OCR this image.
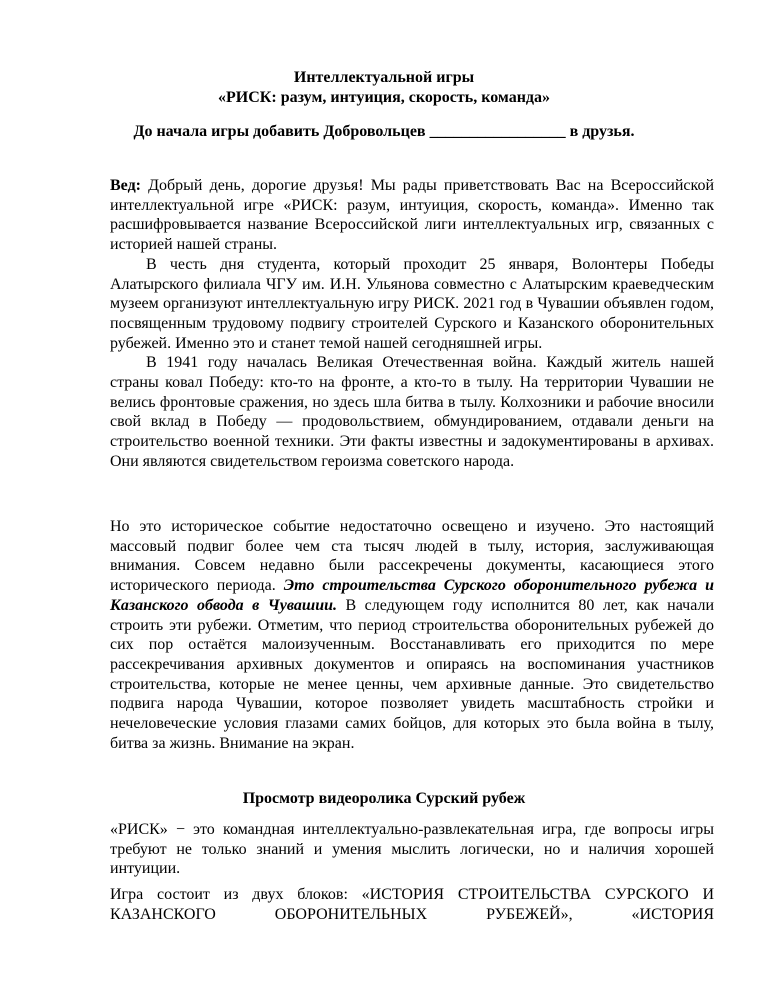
Интеллектуальной игры
«РИСК: разум, интуиция, скорость, команда»
До начала игры добавить Добровольцев _________________ в друзья.

Вед: Добрый день, дорогие друзья! Мы рады приветствовать Вас на Всероссийской интеллектуальной игре «РИСК: разум, интуиция, скорость, команда». Именно так расшифровывается название Всероссийской лиги интеллектуальных игр, связанных с историей нашей страны.

В честь дня студента, который проходит 25 января, Волонтеры Победы Алатырского филиала ЧГУ им. И.Н. Ульянова совместно с Алатырским краеведческим музеем организуют интеллектуальную игру РИСК. 2021 год в Чувашии объявлен годом, посвященным трудовому подвигу строителей Сурского и Казанского оборонительных рубежей. Именно это и станет темой нашей сегодняшней игры.

В 1941 году началась Великая Отечественная война. Каждый житель нашей страны ковал Победу: кто-то на фронте, а кто-то в тылу. На территории Чувашии не велись фронтовые сражения, но здесь шла битва в тылу. Колхозники и рабочие вносили свой вклад в Победу — продовольствием, обмундированием, отдавали деньги на строительство военной техники. Эти факты известны и задокументированы в архивах. Они являются свидетельством героизма советского народа.

Но это историческое событие недостаточно освещено и изучено. Это настоящий массовый подвиг более чем ста тысяч людей в тылу, история, заслуживающая внимания. Совсем недавно были рассекречены документы, касающиеся этого исторического периода. Это строительства Сурского оборонительного рубежа и Казанского обвода в Чувашии. В следующем году исполнится 80 лет, как начали строить эти рубежи. Отметим, что период строительства оборонительных рубежей до сих пор остаётся малоизученным. Восстанавливать его приходится по мере рассекречивания архивных документов и опираясь на воспоминания участников строительства, которые не менее ценны, чем архивные данные. Это свидетельство подвига народа Чувашии, которое позволяет увидеть масштабность стройки и нечеловеческие условия глазами самих бойцов, для которых это была война в тылу, битва за жизнь. Внимание на экран.

Просмотр видеоролика Сурский рубеж

«РИСК» − это командная интеллектуально-развлекательная игра, где вопросы игры требуют не только знаний и умения мыслить логически, но и наличия хорошей интуиции.

Игра состоит из двух блоков: «ИСТОРИЯ СТРОИТЕЛЬСТВА СУРСКОГО И КАЗАНСКОГО ОБОРОНИТЕЛЬНЫХ РУБЕЖЕЙ», «ИСТОРИЯ
